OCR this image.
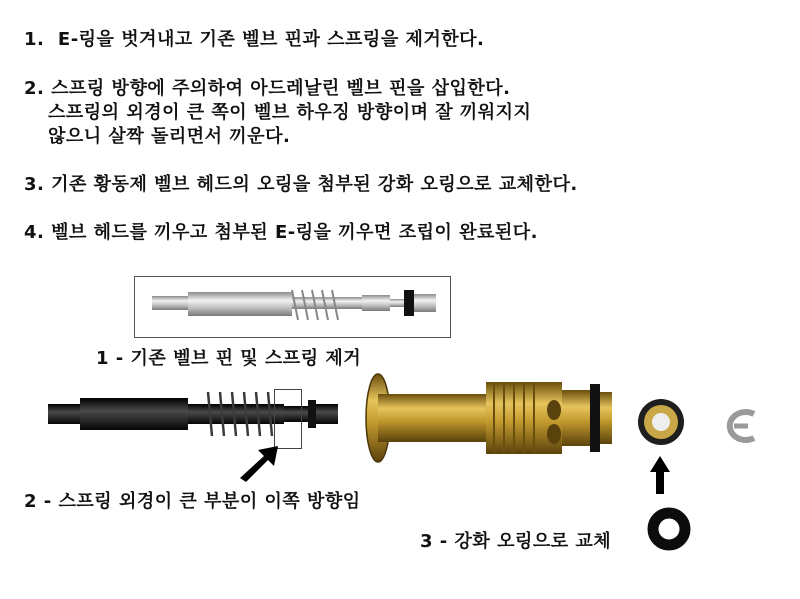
1.  E-링을 벗겨내고 기존 벨브 핀과 스프링을 제거한다.

2. 스프링 방향에 주의하여 아드레날린 벨브 핀을 삽입한다.

스프링의 외경이 큰 쪽이 벨브 하우징 방향이며 잘 끼워지지

않으니 살짝 돌리면서 끼운다.

3. 기존 황동제 벨브 헤드의 오링을 첨부된 강화 오링으로 교체한다.

4. 벨브 헤드를 끼우고 첨부된 E-링을 끼우면 조립이 완료된다.

1 - 기존 벨브 핀 및 스프링 제거
2 - 스프링 외경이 큰 부분이 이쪽 방향임
3 - 강화 오링으로 교체
